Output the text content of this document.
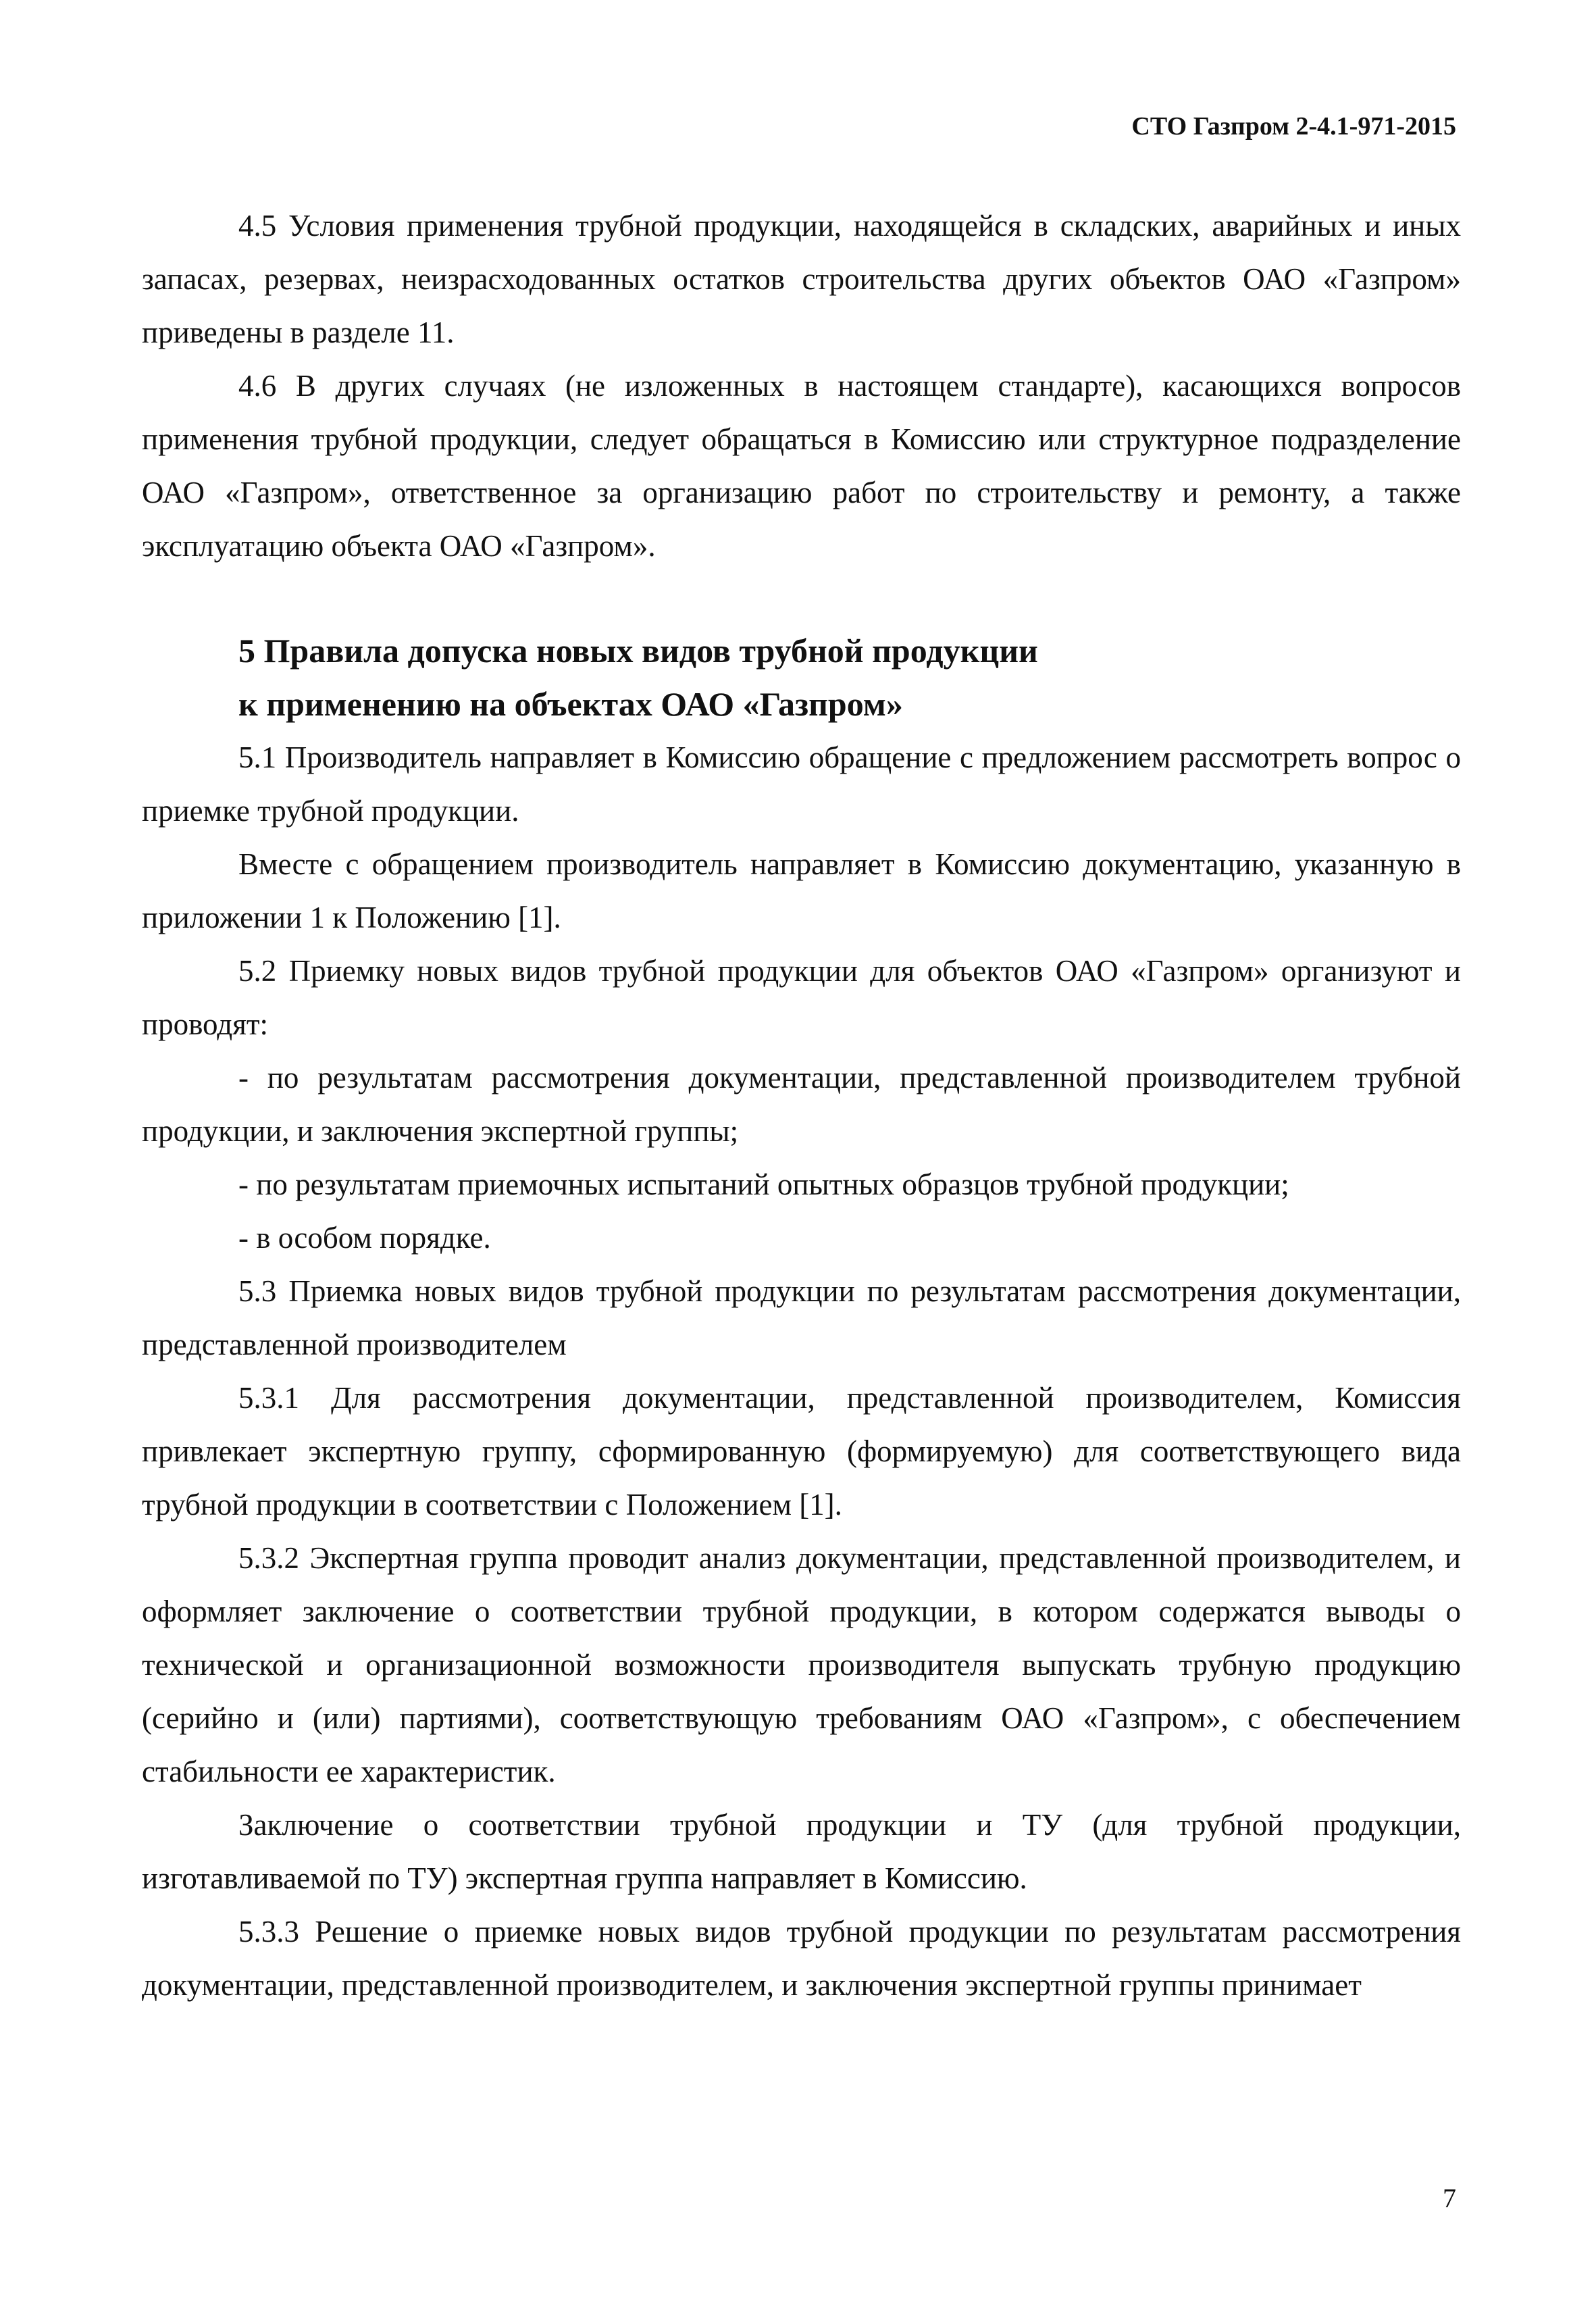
СТО Газпром 2-4.1-971-2015

4.5 Условия применения трубной продукции, находящейся в складских, аварийных и иных запасах, резервах, неизрасходованных остатков строительства других объектов ОАО «Газпром» приведены в разделе 11.

4.6 В других случаях (не изложенных в настоящем стандарте), касающихся вопросов применения трубной продукции, следует обращаться в Комиссию или структурное подразделение ОАО «Газпром», ответственное за организацию работ по строительству и ремонту, а также эксплуатацию объекта ОАО «Газпром».

5 Правила допуска новых видов трубной продукции
к применению на объектах ОАО «Газпром»

5.1 Производитель направляет в Комиссию обращение с предложением рассмотреть вопрос о приемке трубной продукции.

Вместе с обращением производитель направляет в Комиссию документацию, указанную в приложении 1 к Положению [1].

5.2 Приемку новых видов трубной продукции для объектов ОАО «Газпром» организуют и проводят:

- по результатам рассмотрения документации, представленной производителем трубной продукции, и заключения экспертной группы;

- по результатам приемочных испытаний опытных образцов трубной продукции;

- в особом порядке.

5.3 Приемка новых видов трубной продукции по результатам рассмотрения документации, представленной производителем

5.3.1 Для рассмотрения документации, представленной производителем, Комиссия привлекает экспертную группу, сформированную (формируемую) для соответствующего вида трубной продукции в соответствии с Положением [1].

5.3.2 Экспертная группа проводит анализ документации, представленной производителем, и оформляет заключение о соответствии трубной продукции, в котором содержатся выводы о технической и организационной возможности производителя выпускать трубную продукцию (серийно и (или) партиями), соответствующую требованиям ОАО «Газпром», с обеспечением стабильности ее характеристик.

Заключение о соответствии трубной продукции и ТУ (для трубной продукции, изготавливаемой по ТУ) экспертная группа направляет в Комиссию.

5.3.3 Решение о приемке новых видов трубной продукции по результатам рассмотрения документации, представленной производителем, и заключения экспертной группы принимает

7
